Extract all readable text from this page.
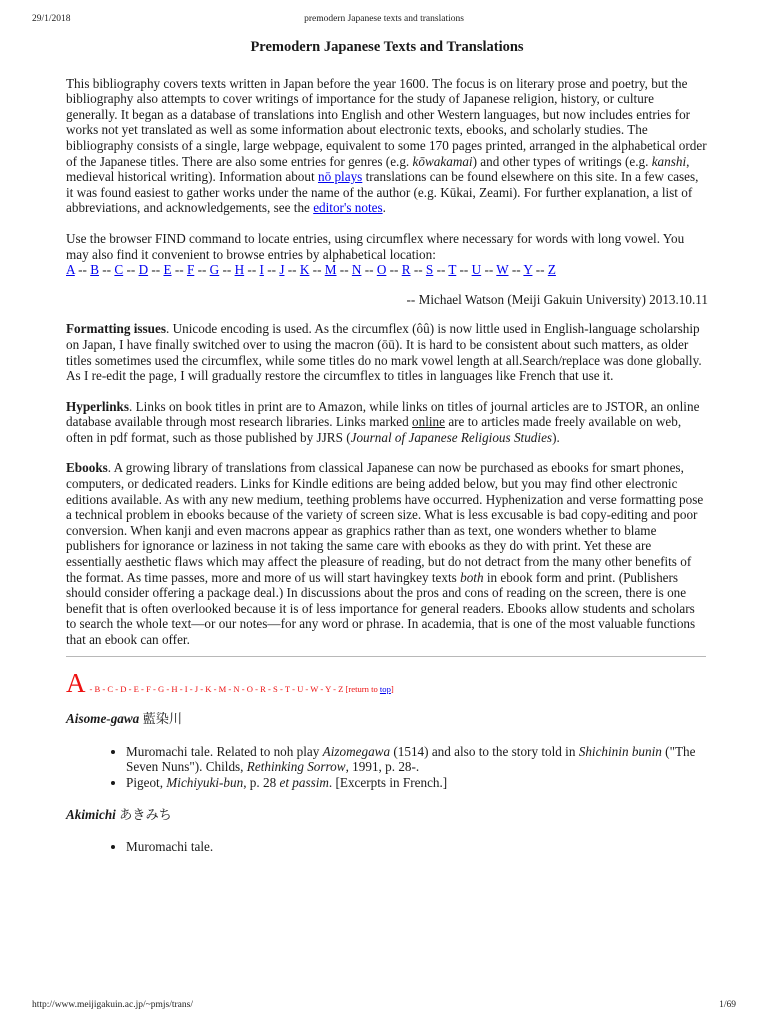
29/1/2018	premodern Japanese texts and translations
Premodern Japanese Texts and Translations

This bibliography covers texts written in Japan before the year 1600. The focus is on literary prose and poetry, but the bibliography also attempts to cover writings of importance for the study of Japanese religion, history, or culture generally. It began as a database of translations into English and other Western languages, but now includes entries for works not yet translated as well as some information about electronic texts, ebooks, and scholarly studies. The bibliography consists of a single, large webpage, equivalent to some 170 pages printed, arranged in the alphabetical order of the Japanese titles. There are also some entries for genres (e.g. kōwakamai) and other types of writings (e.g. kanshi, medieval historical writing). Information about nō plays translations can be found elsewhere on this site. In a few cases, it was found easiest to gather works under the name of the author (e.g. Kūkai, Zeami). For further explanation, a list of abbreviations, and acknowledgements, see the editor's notes.

Use the browser FIND command to locate entries, using circumflex where necessary for words with long vowel. You may also find it convenient to browse entries by alphabetical location:
A -- B -- C -- D -- E -- F -- G -- H -- I -- J -- K -- M -- N -- O -- R -- S -- T -- U -- W -- Y -- Z

-- Michael Watson (Meiji Gakuin University) 2013.10.11

Formatting issues. Unicode encoding is used. As the circumflex (ôû) is now little used in English-language scholarship on Japan, I have finally switched over to using the macron (ōū). It is hard to be consistent about such matters, as older titles sometimes used the circumflex, while some titles do no mark vowel length at all.Search/replace was done globally. As I re-edit the page, I will gradually restore the circumflex to titles in languages like French that use it.

Hyperlinks. Links on book titles in print are to Amazon, while links on titles of journal articles are to JSTOR, an online database available through most research libraries. Links marked online are to articles made freely available on web, often in pdf format, such as those published by JJRS (Journal of Japanese Religious Studies).

Ebooks. A growing library of translations from classical Japanese can now be purchased as ebooks for smart phones, computers, or dedicated readers. Links for Kindle editions are being added below, but you may find other electronic editions available. As with any new medium, teething problems have occurred. Hyphenization and verse formatting pose a technical problem in ebooks because of the variety of screen size. What is less excusable is bad copy-editing and poor conversion. When kanji and even macrons appear as graphics rather than as text, one wonders whether to blame publishers for ignorance or laziness in not taking the same care with ebooks as they do with print. Yet these are essentially aesthetic flaws which may affect the pleasure of reading, but do not detract from the many other benefits of the format. As time passes, more and more of us will start havingkey texts both in ebook form and print. (Publishers should consider offering a package deal.) In discussions about the pros and cons of reading on the screen, there is one benefit that is often overlooked because it is of less importance for general readers. Ebooks allow students and scholars to search the whole text—or our notes—for any word or phrase. In academia, that is one of the most valuable functions that an ebook can offer.

A - B - C - D - E - F - G - H - I - J - K - M - N - O - R - S - T - U - W - Y - Z [return to top]
Aisome-gawa 藍染川
• Muromachi tale. Related to noh play Aizomegawa (1514) and also to the story told in Shichinin bunin ("The Seven Nuns"). Childs, Rethinking Sorrow, 1991, p. 28-.
• Pigeot, Michiyuki-bun, p. 28 et passim. [Excerpts in French.]
Akimichi あきみち
• Muromachi tale.
http://www.meijigakuin.ac.jp/~pmjs/trans/	1/69
